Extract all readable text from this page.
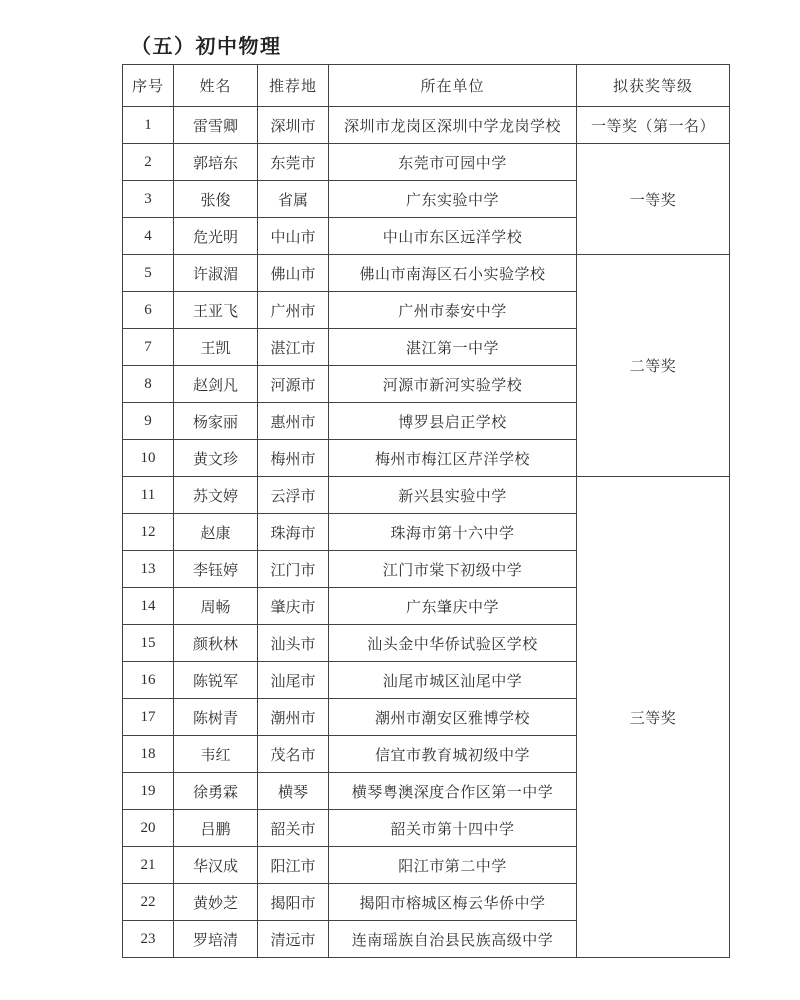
（五）初中物理
序号	姓名	推荐地	所在单位	拟获奖等级
1	雷雪卿	深圳市	深圳市龙岗区深圳中学龙岗学校	一等奖（第一名）
2	郭培东	东莞市	东莞市可园中学	一等奖
3	张俊	省属	广东实验中学	
4	危光明	中山市	中山市东区远洋学校	
5	许淑湄	佛山市	佛山市南海区石小实验学校	二等奖
6	王亚飞	广州市	广州市泰安中学	
7	王凯	湛江市	湛江第一中学	
8	赵剑凡	河源市	河源市新河实验学校	
9	杨家丽	惠州市	博罗县启正学校	
10	黄文珍	梅州市	梅州市梅江区芹洋学校	
11	苏文婷	云浮市	新兴县实验中学	三等奖
12	赵康	珠海市	珠海市第十六中学	
13	李钰婷	江门市	江门市棠下初级中学	
14	周畅	肇庆市	广东肇庆中学	
15	颜秋林	汕头市	汕头金中华侨试验区学校	
16	陈锐军	汕尾市	汕尾市城区汕尾中学	
17	陈树青	潮州市	潮州市潮安区雅博学校	
18	韦红	茂名市	信宜市教育城初级中学	
19	徐勇霖	横琴	横琴粤澳深度合作区第一中学	
20	吕鹏	韶关市	韶关市第十四中学	
21	华汉成	阳江市	阳江市第二中学	
22	黄妙芝	揭阳市	揭阳市榕城区梅云华侨中学	
23	罗培清	清远市	连南瑶族自治县民族高级中学	
